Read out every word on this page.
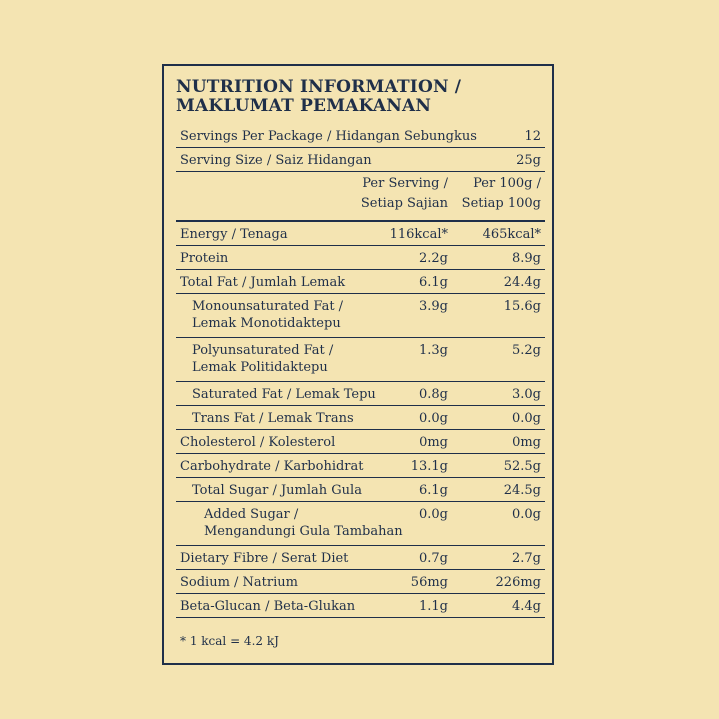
NUTRITION INFORMATION /
MAKLUMAT PEMAKANAN
Servings Per Package / Hidangan Sebungkus	12
Serving Size / Saiz Hidangan	25g
Per Serving /
Setiap Sajian
Per 100g /
Setiap 100g
Energy / Tenaga	116kcal*	465kcal*
Protein	2.2g	8.9g
Total Fat / Jumlah Lemak	6.1g	24.4g
Monounsaturated Fat /
Lemak Monotidaktepu
3.9g	15.6g
Polyunsaturated Fat /
Lemak Politidaktepu
1.3g	5.2g
Saturated Fat / Lemak Tepu	0.8g	3.0g
Trans Fat / Lemak Trans	0.0g	0.0g
Cholesterol / Kolesterol	0mg	0mg
Carbohydrate / Karbohidrat	13.1g	52.5g
Total Sugar / Jumlah Gula	6.1g	24.5g
Added Sugar /
Mengandungi Gula Tambahan
0.0g	0.0g
Dietary Fibre / Serat Diet	0.7g	2.7g
Sodium / Natrium	56mg	226mg
Beta-Glucan / Beta-Glukan	1.1g	4.4g
* 1 kcal = 4.2 kJ
